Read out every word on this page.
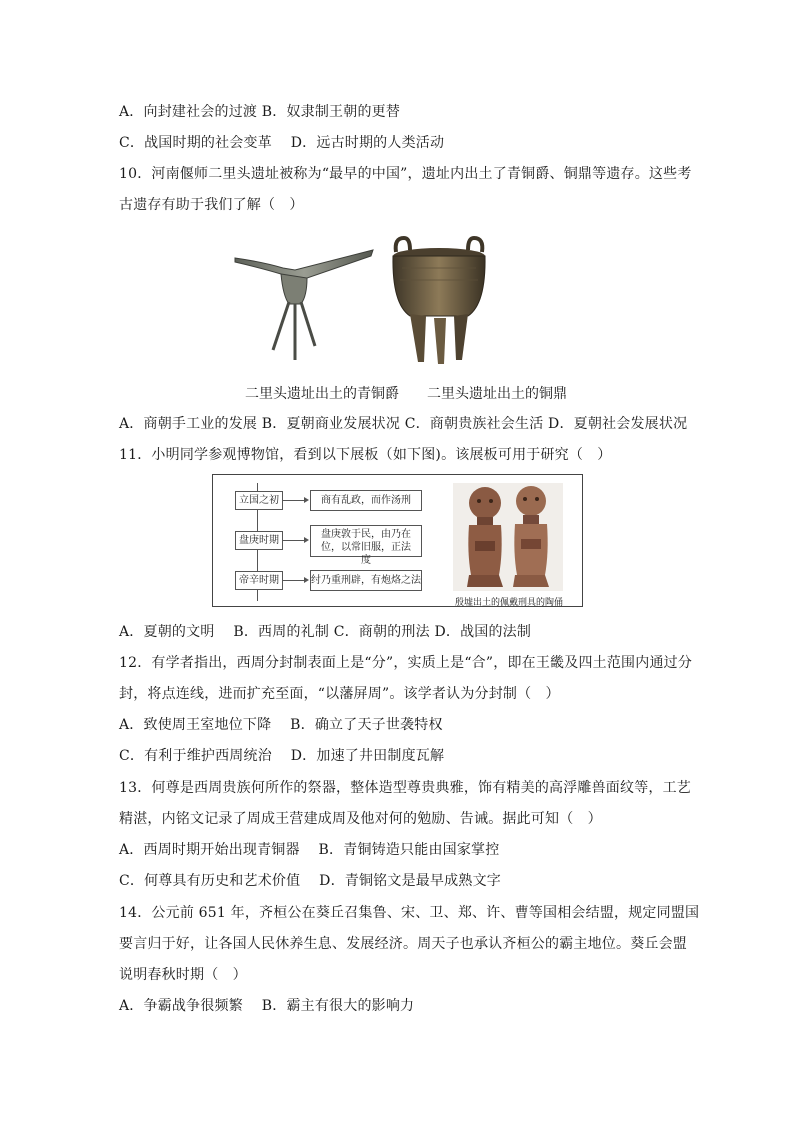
A．向封建社会的过渡 B．奴隶制王朝的更替
C．战国时期的社会变革　 D．远古时期的人类活动
10．河南偃师二里头遗址被称为“最早的中国”，遗址内出土了青铜爵、铜鼎等遗存。这些考
古遗存有助于我们了解（　）
二里头遗址出土的青铜爵 二里头遗址出土的铜鼎
A．商朝手工业的发展 B．夏朝商业发展状况 C．商朝贵族社会生活 D．夏朝社会发展状况
11．小明同学参观博物馆，看到以下展板（如下图)。该展板可用于研究（　）
立国之初	商有乱政，而作汤刑
盘庚时期
盘庚敦于民，由乃在位，以常旧服，正法度
帝辛时期	纣乃重刑辟，有炮烙之法
殷墟出土的佩戴刑具的陶俑
A．夏朝的文明　 B．西周的礼制 C．商朝的刑法 D．战国的法制
12．有学者指出，西周分封制表面上是“分”，实质上是“合”，即在王畿及四土范围内通过分
封，将点连线，进而扩充至面，“以藩屏周”。该学者认为分封制（　）
A．致使周王室地位下降　 B．确立了天子世袭特权
C．有利于维护西周统治　 D．加速了井田制度瓦解
13．何尊是西周贵族何所作的祭器，整体造型尊贵典雅，饰有精美的高浮雕兽面纹等，工艺
精湛，内铭文记录了周成王营建成周及他对何的勉励、告诫。据此可知（　）
A．西周时期开始出现青铜器　 B．青铜铸造只能由国家掌控
C．何尊具有历史和艺术价值　 D．青铜铭文是最早成熟文字
14．公元前 651 年，齐桓公在葵丘召集鲁、宋、卫、郑、许、曹等国相会结盟，规定同盟国
要言归于好，让各国人民休养生息、发展经济。周天子也承认齐桓公的霸主地位。葵丘会盟
说明春秋时期（　）
A．争霸战争很频繁　 B．霸主有很大的影响力
